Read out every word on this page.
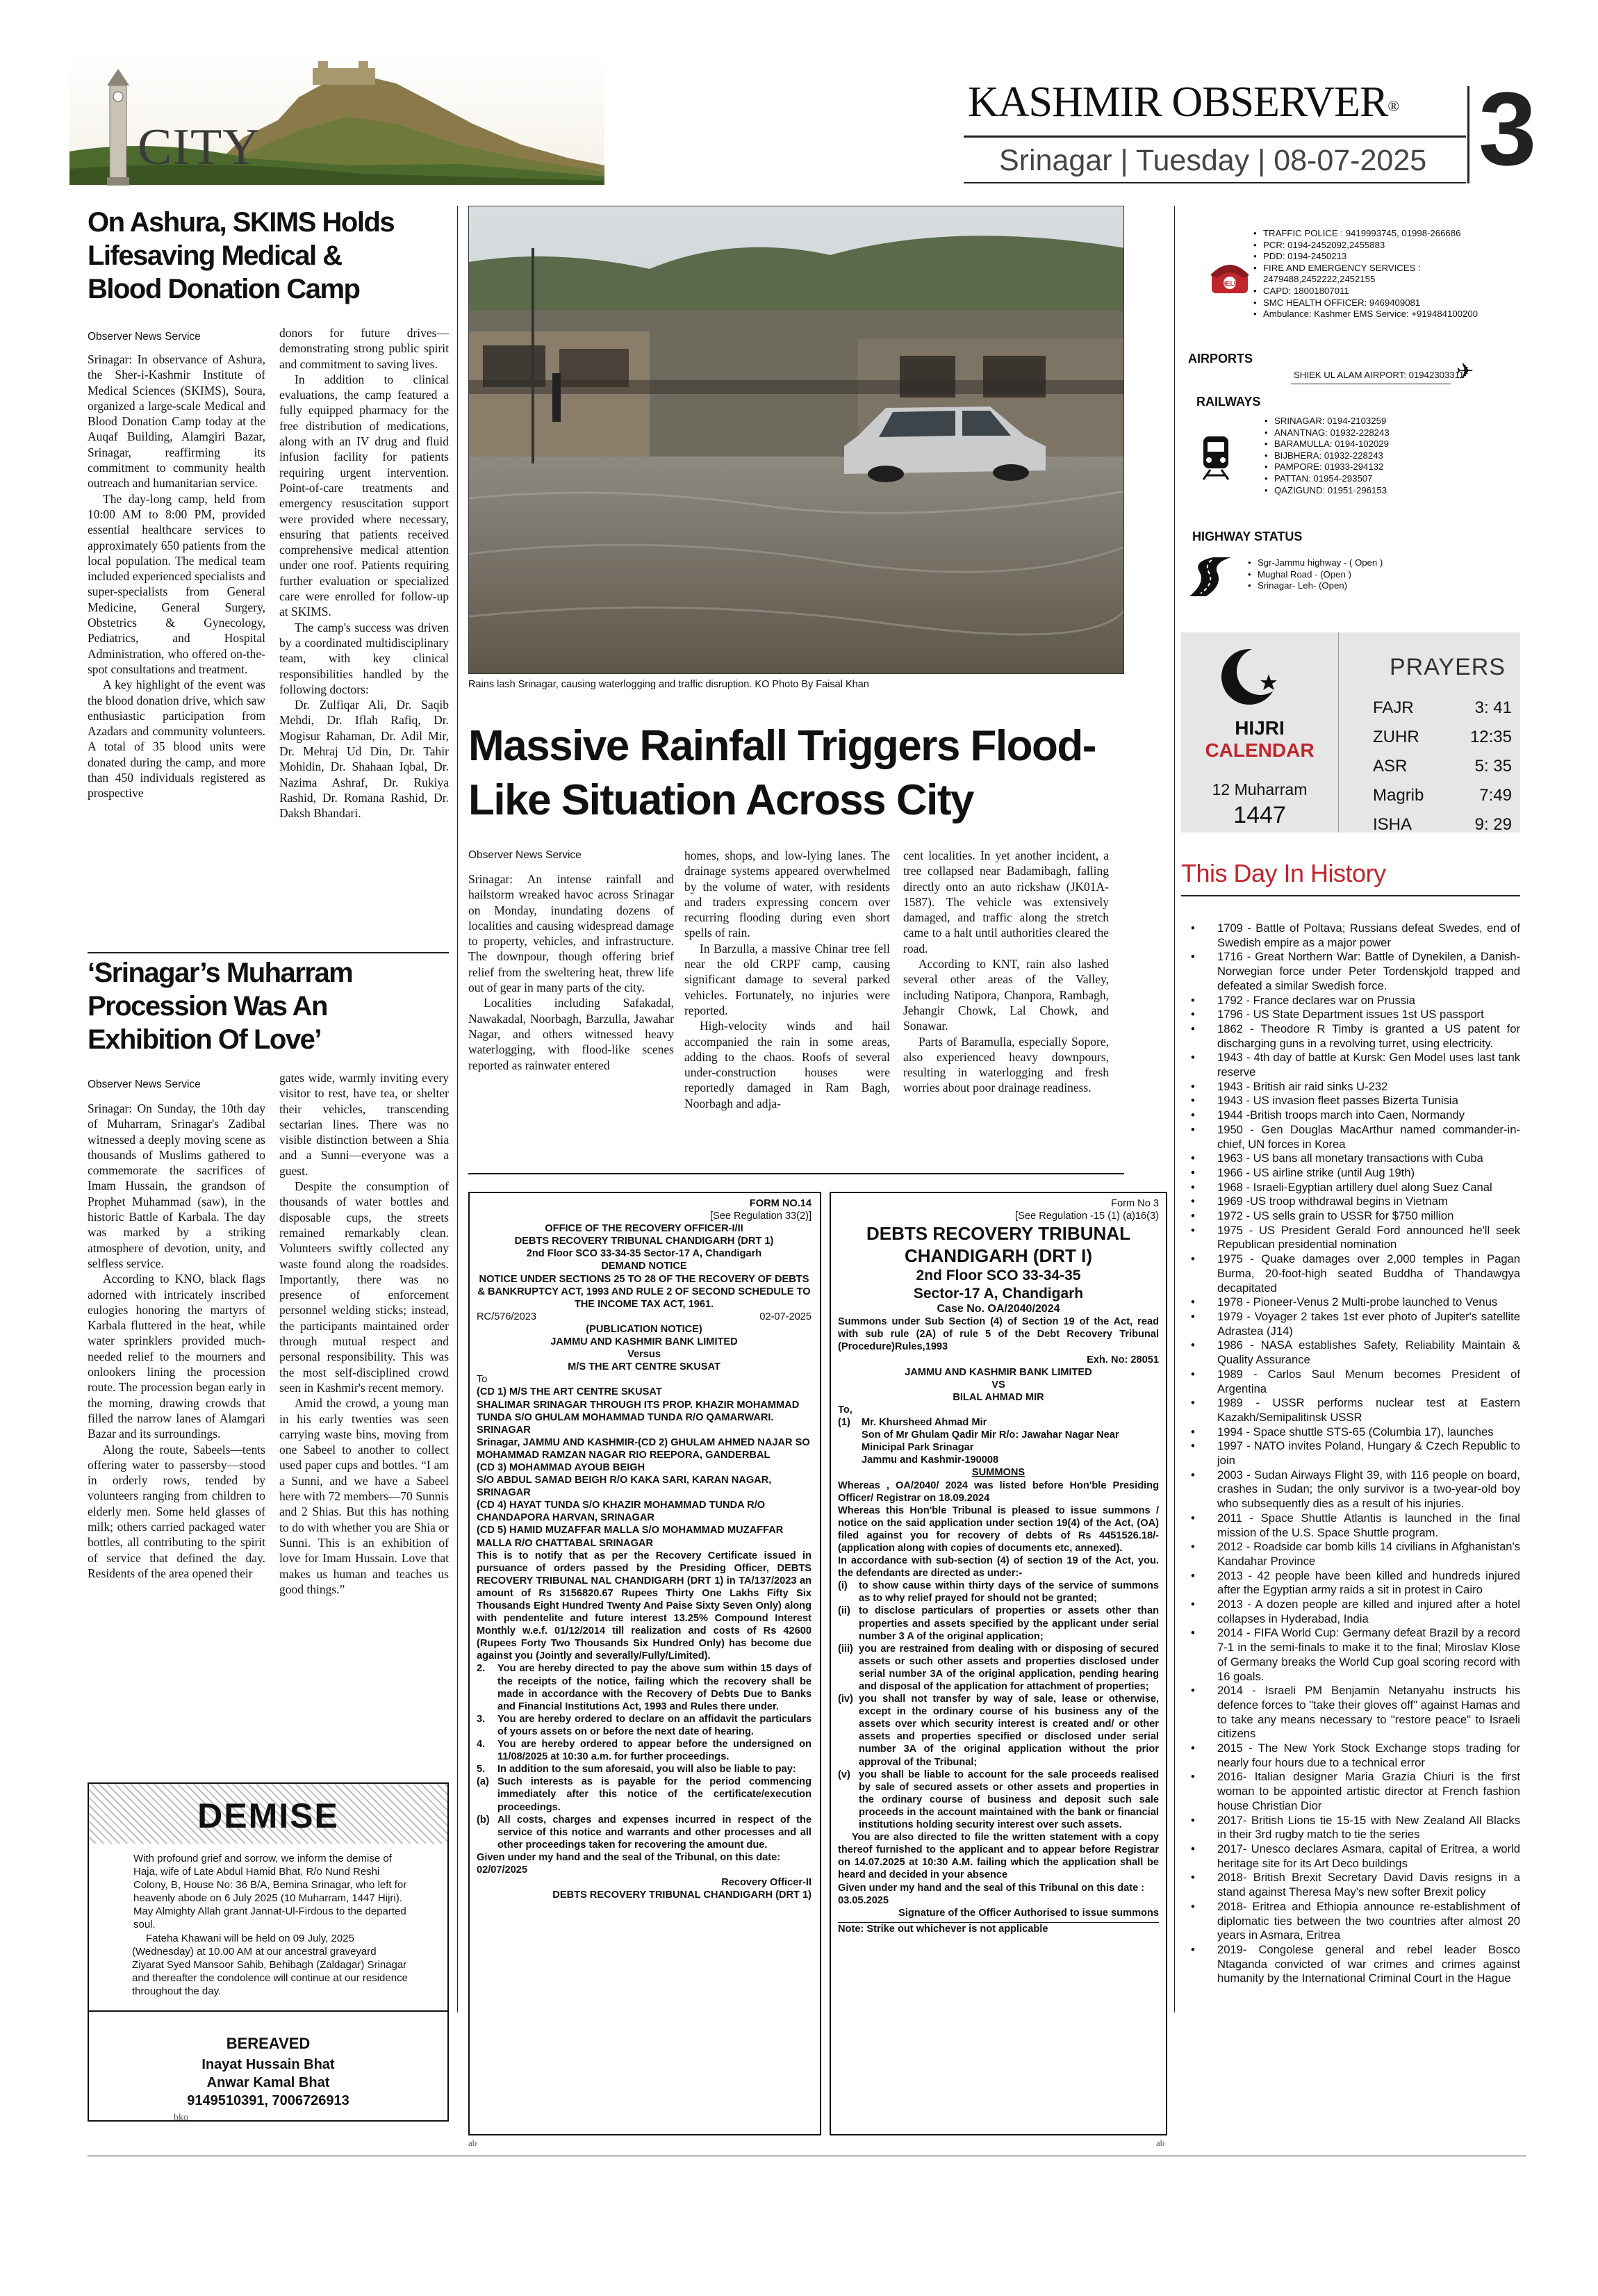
CITY
KASHMIR OBSERVER®
Srinagar | Tuesday | 08-07-2025 3
On Ashura, SKIMS Holds Lifesaving Medical & Blood Donation Camp
Observer News Service

Srinagar: In observance of Ashura, the Sher-i-Kashmir Institute of Medical Sciences (SKIMS), Soura, organized a large-scale Medical and Blood Donation Camp today at the Auqaf Building, Alamgiri Bazar, Srinagar, reaffirming its commitment to community health outreach and humanitarian service.

The day-long camp, held from 10:00 AM to 8:00 PM, provided essential healthcare services to approximately 650 patients from the local population. The medical team included experienced specialists and super-specialists from General Medicine, General Surgery, Obstetrics & Gynecology, Pediatrics, and Hospital Administration, who offered on-the-spot consultations and treatment.

A key highlight of the event was the blood donation drive, which saw enthusiastic participation from Azadars and community volunteers. A total of 35 blood units were donated during the camp, and more than 450 individuals registered as prospective

donors for future drives—demonstrating strong public spirit and commitment to saving lives.

In addition to clinical evaluations, the camp featured a fully equipped pharmacy for the free distribution of medications, along with an IV drug and fluid infusion facility for patients requiring urgent intervention. Point-of-care treatments and emergency resuscitation support were provided where necessary, ensuring that patients received comprehensive medical attention under one roof. Patients requiring further evaluation or specialized care were enrolled for follow-up at SKIMS.

The camp's success was driven by a coordinated multidisciplinary team, with key clinical responsibilities handled by the following doctors:

Dr. Zulfiqar Ali, Dr. Saqib Mehdi, Dr. Iflah Rafiq, Dr. Mogisur Rahaman, Dr. Adil Mir, Dr. Mehraj Ud Din, Dr. Tahir Mohidin, Dr. Shahaan Iqbal, Dr. Nazima Ashraf, Dr. Rukiya Rashid, Dr. Romana Rashid, Dr. Daksh Bhandari.

‘Srinagar’s Muharram Procession Was An Exhibition Of Love’
Observer News Service

Srinagar: On Sunday, the 10th day of Muharram, Srinagar's Zadibal witnessed a deeply moving scene as thousands of Muslims gathered to commemorate the sacrifices of Imam Hussain, the grandson of Prophet Muhammad (saw), in the historic Battle of Karbala. The day was marked by a striking atmosphere of devotion, unity, and selfless service.

According to KNO, black flags adorned with intricately inscribed eulogies honoring the martyrs of Karbala fluttered in the heat, while water sprinklers provided much-needed relief to the mourners and onlookers lining the procession route. The procession began early in the morning, drawing crowds that filled the narrow lanes of Alamgari Bazar and its surroundings.

Along the route, Sabeels—tents offering water to passersby—stood in orderly rows, tended by volunteers ranging from children to elderly men. Some held glasses of milk; others carried packaged water bottles, all contributing to the spirit of service that defined the day. Residents of the area opened their

gates wide, warmly inviting every visitor to rest, have tea, or shelter their vehicles, transcending sectarian lines. There was no visible distinction between a Shia and a Sunni—everyone was a guest.

Despite the consumption of thousands of water bottles and disposable cups, the streets remained remarkably clean. Volunteers swiftly collected any waste found along the roadsides. Importantly, there was no presence of enforcement personnel welding sticks; instead, the participants maintained order through mutual respect and personal responsibility. This was the most self-disciplined crowd seen in Kashmir's recent memory.

Amid the crowd, a young man in his early twenties was seen carrying waste bins, moving from one Sabeel to another to collect used paper cups and bottles. “I am a Sunni, and we have a Sabeel here with 72 members—70 Sunnis and 2 Shias. But this has nothing to do with whether you are Shia or Sunni. This is an exhibition of love for Imam Hussain. Love that makes us human and teaches us good things.”

DEMISE
With profound grief and sorrow, we inform the demise of Haja, wife of Late Abdul Hamid Bhat, R/o Nund Reshi Colony, B, House No: 36 B/A, Bemina Srinagar, who left for heavenly abode on 6 July 2025 (10 Muharram, 1447 Hijri). May Almighty Allah grant Jannat-Ul-Firdous to the departed soul.
Fateha Khawani will be held on 09 July, 2025 (Wednesday) at 10.00 AM at our ancestral graveyard Ziyarat Syed Mansoor Sahib, Behibagh (Zaldagar) Srinagar and thereafter the condolence will continue at our residence throughout the day.
BEREAVED
Inayat Hussain Bhat
Anwar Kamal Bhat
9149510391, 7006726913
bko
Rains lash Srinagar, causing waterlogging and traffic disruption. KO Photo By Faisal Khan
Massive Rainfall Triggers Flood-Like Situation Across City
Observer News Service

Srinagar: An intense rainfall and hailstorm wreaked havoc across Srinagar on Monday, inundating dozens of localities and causing widespread damage to property, vehicles, and infrastructure. The downpour, though offering brief relief from the sweltering heat, threw life out of gear in many parts of the city.

Localities including Safakadal, Nawakadal, Noorbagh, Barzulla, Jawahar Nagar, and others witnessed heavy waterlogging, with flood-like scenes reported as rainwater entered

homes, shops, and low-lying lanes. The drainage systems appeared overwhelmed by the volume of water, with residents and traders expressing concern over recurring flooding during even short spells of rain.

In Barzulla, a massive Chinar tree fell near the old CRPF camp, causing significant damage to several parked vehicles. Fortunately, no injuries were reported.

High-velocity winds and hail accompanied the rain in some areas, adding to the chaos. Roofs of several under-construction houses were reportedly damaged in Ram Bagh, Noorbagh and adja-

cent localities. In yet another incident, a tree collapsed near Badamibagh, falling directly onto an auto rickshaw (JK01A-1587). The vehicle was extensively damaged, and traffic along the stretch came to a halt until authorities cleared the road.

According to KNT, rain also lashed several other areas of the Valley, including Natipora, Chanpora, Rambagh, Jehangir Chowk, Lal Chowk, and Sonawar.

Parts of Baramulla, especially Sopore, also experienced heavy downpours, resulting in waterlogging and fresh worries about poor drainage readiness.

FORM NO.14
[See Regulation 33(2)]
OFFICE OF THE RECOVERY OFFICER-I/II
DEBTS RECOVERY TRIBUNAL CHANDIGARH (DRT 1)
2nd Floor SCO 33-34-35 Sector-17 A, Chandigarh
DEMAND NOTICE
NOTICE UNDER SECTIONS 25 TO 28 OF THE RECOVERY OF DEBTS & BANKRUPTCY ACT, 1993 AND RULE 2 OF SECOND SCHEDULE TO THE INCOME TAX ACT, 1961.
RC/576/2023	02-07-2025
(PUBLICATION NOTICE)
JAMMU AND KASHMIR BANK LIMITED
Versus
M/S THE ART CENTRE SKUSAT
To
(CD 1) M/S THE ART CENTRE SKUSAT
SHALIMAR SRINAGAR THROUGH ITS PROP. KHAZIR MOHAMMAD TUNDA S/O GHULAM MOHAMMAD TUNDA R/O QAMARWARI. SRINAGAR
Srinagar, JAMMU AND KASHMIR-(CD 2) GHULAM AHMED NAJAR SO MOHAMMAD RAMZAN NAGAR RIO REEPORA, GANDERBAL
(CD 3) MOHAMMAD AYOUB BEIGH
S/O ABDUL SAMAD BEIGH R/O KAKA SARI, KARAN NAGAR, SRINAGAR
(CD 4) HAYAT TUNDA S/O KHAZIR MOHAMMAD TUNDA R/O CHANDAPORA HARVAN, SRINAGAR
(CD 5) HAMID MUZAFFAR MALLA S/O MOHAMMAD MUZAFFAR MALLA R/O CHATTABAL SRINAGAR
This is to notify that as per the Recovery Certificate issued in pursuance of orders passed by the Presiding Officer, DEBTS RECOVERY TRIBUNAL NAL CHANDIGARH (DRT 1) in TA/137/2023 an amount of Rs 3156820.67 Rupees Thirty One Lakhs Fifty Six Thousands Eight Hundred Twenty And Paise Sixty Seven Only) along with pendentelite and future interest 13.25% Compound Interest Monthly w.e.f. 01/12/2014 till realization and costs of Rs 42600 (Rupees Forty Two Thousands Six Hundred Only) has become due against you (Jointly and severally/Fully/Limited).
2.	You are hereby directed to pay the above sum within 15 days of the receipts of the notice, failing which the recovery shall be made in accordance with the Recovery of Debts Due to Banks and Financial Institutions Act, 1993 and Rules there under.
3.	You are hereby ordered to declare on an affidavit the particulars of yours assets on or before the next date of hearing.
4.	You are hereby ordered to appear before the undersigned on 11/08/2025 at 10:30 a.m. for further proceedings.
5.	In addition to the sum aforesaid, you will also be liable to pay:
(a) Such interests as is payable for the period commencing immediately after this notice of the certificate/execution proceedings.
(b) All costs, charges and expenses incurred in respect of the service of this notice and warrants and other processes and all other proceedings taken for recovering the amount due.
Given under my hand and the seal of the Tribunal, on this date: 02/07/2025
Recovery Officer-II
DEBTS RECOVERY TRIBUNAL CHANDIGARH (DRT 1)
ab
Form No 3
[See Regulation -15 (1) (a)16(3)
DEBTS RECOVERY TRIBUNAL CHANDIGARH (DRT I)
2nd Floor SCO 33-34-35
Sector-17 A, Chandigarh
Case No. OA/2040/2024
Summons under Sub Section (4) of Section 19 of the Act, read with sub rule (2A) of rule 5 of the Debt Recovery Tribunal (Procedure)Rules,1993
Exh. No: 28051
JAMMU AND KASHMIR BANK LIMITED
VS
BILAL AHMAD MIR
To,
(1)	Mr. Khursheed Ahmad Mir
Son of Mr Ghulam Qadir Mir R/o: Jawahar Nagar Near Minicipal Park Srinagar
Jammu and Kashmir-190008
SUMMONS
Whereas , OA/2040/ 2024 was listed before Hon'ble Presiding Officer/ Registrar on 18.09.2024
Whereas this Hon'ble Tribunal is pleased to issue summons / notice on the said application under section 19(4) of the Act, (OA) filed against you for recovery of debts of Rs 4451526.18/- (application along with copies of documents etc, annexed).
In accordance with sub-section (4) of section 19 of the Act, you. the defendants are directed as under:-
(i)	to show cause within thirty days of the service of summons as to why relief prayed for should not be granted;
(ii) to disclose particulars of properties or assets other than properties and assets specified by the applicant under serial number 3 A of the original application;
(iii) you are restrained from dealing with or disposing of secured assets or such other assets and properties disclosed under serial number 3A of the original application, pending hearing and disposal of the application for attachment of properties;
(iv) you shall not transfer by way of sale, lease or otherwise, except in the ordinary course of his business any of the assets over which security interest is created and/ or other assets and properties specified or disclosed under serial number 3A of the original application without the prior approval of the Tribunal;
(v) you shall be liable to account for the sale proceeds realised by sale of secured assets or other assets and properties in the ordinary course of business and deposit such sale proceeds in the account maintained with the bank or financial institutions holding security interest over such assets.
You are also directed to file the written statement with a copy thereof furnished to the applicant and to appear before Registrar on 14.07.2025 at 10:30 A.M. failing which the application shall be heard and decided in your absence
Given under my hand and the seal of this Tribunal on this date : 03.05.2025
Signature of the Officer Authorised to issue summons
Note: Strike out whichever is not applicable
ab
HELP
• TRAFFIC POLICE : 9419993745, 01998-266686
• PCR: 0194-2452092,2455883
• PDD: 0194-2450213
• FIRE AND EMERGENCY SERVICES : 2479488,2452222,2452155
• CAPD: 18001807011
• SMC HEALTH OFFICER: 9469409081
• Ambulance: Kashmer EMS Service: +919484100200
AIRPORTS
SHIEK UL ALAM AIRPORT: 01942303311
✈
RAILWAYS
• SRINAGAR: 0194-2103259
• ANANTNAG: 01932-228243
• BARAMULLA: 0194-102029
• BIJBHERA: 01932-228243
• PAMPORE: 01933-294132
• PATTAN: 01954-293507
• QAZIGUND: 01951-296153
HIGHWAY STATUS
• Sgr-Jammu highway - ( Open )
• Mughal Road - (Open )
• Srinagar- Leh- (Open)
HIJRI
CALENDAR
12 Muharram
1447
PRAYERS
FAJR	3: 41
ZUHR	12:35
ASR	5: 35
Magrib	7:49
ISHA	9: 29
This Day In History
• 1709 - Battle of Poltava; Russians defeat Swedes, end of Swedish empire as a major power
• 1716 - Great Northern War: Battle of Dynekilen, a Danish-Norwegian force under Peter Tordenskjold trapped and defeated a similar Swedish force.
• 1792 - France declares war on Prussia
• 1796 - US State Department issues 1st US passport
• 1862 - Theodore R Timby is granted a US patent for discharging guns in a revolving turret, using electricity.
• 1943 - 4th day of battle at Kursk: Gen Model uses last tank reserve
• 1943 - British air raid sinks U-232
• 1943 - US invasion fleet passes Bizerta Tunisia
• 1944 -British troops march into Caen, Normandy
• 1950 - Gen Douglas MacArthur named commander-in-chief, UN forces in Korea
• 1963 - US bans all monetary transactions with Cuba
• 1966 - US airline strike (until Aug 19th)
• 1968 - Israeli-Egyptian artillery duel along Suez Canal
• 1969 -US troop withdrawal begins in Vietnam
• 1972 - US sells grain to USSR for $750 million
• 1975 - US President Gerald Ford announced he'll seek Republican presidential nomination
• 1975 - Quake damages over 2,000 temples in Pagan Burma, 20-foot-high seated Buddha of Thandawgya decapitated
• 1978 - Pioneer-Venus 2 Multi-probe launched to Venus
• 1979 - Voyager 2 takes 1st ever photo of Jupiter's satellite Adrastea (J14)
• 1986 - NASA establishes Safety, Reliability Maintain & Quality Assurance
• 1989 - Carlos Saul Menum becomes President of Argentina
• 1989 - USSR performs nuclear test at Eastern Kazakh/Semipalitinsk USSR
• 1994 - Space shuttle STS-65 (Columbia 17), launches
• 1997 - NATO invites Poland, Hungary & Czech Republic to join
• 2003 - Sudan Airways Flight 39, with 116 people on board, crashes in Sudan; the only survivor is a two-year-old boy who subsequently dies as a result of his injuries.
• 2011 - Space Shuttle Atlantis is launched in the final mission of the U.S. Space Shuttle program.
• 2012 - Roadside car bomb kills 14 civilians in Afghanistan's Kandahar Province
• 2013 - 42 people have been killed and hundreds injured after the Egyptian army raids a sit in protest in Cairo
• 2013 - A dozen people are killed and injured after a hotel collapses in Hyderabad, India
• 2014 - FIFA World Cup: Germany defeat Brazil by a record 7-1 in the semi-finals to make it to the final; Miroslav Klose of Germany breaks the World Cup goal scoring record with 16 goals.
• 2014 - Israeli PM Benjamin Netanyahu instructs his defence forces to "take their gloves off" against Hamas and to take any means necessary to "restore peace" to Israeli citizens
• 2015 - The New York Stock Exchange stops trading for nearly four hours due to a technical error
• 2016- Italian designer Maria Grazia Chiuri is the first woman to be appointed artistic director at French fashion house Christian Dior
• 2017- British Lions tie 15-15 with New Zealand All Blacks in their 3rd rugby match to tie the series
• 2017- Unesco declares Asmara, capital of Eritrea, a world heritage site for its Art Deco buildings
• 2018- British Brexit Secretary David Davis resigns in a stand against Theresa May's new softer Brexit policy
• 2018- Eritrea and Ethiopia announce re-establishment of diplomatic ties between the two countries after almost 20 years in Asmara, Eritrea
• 2019- Congolese general and rebel leader Bosco Ntaganda convicted of war crimes and crimes against humanity by the International Criminal Court in the Hague
